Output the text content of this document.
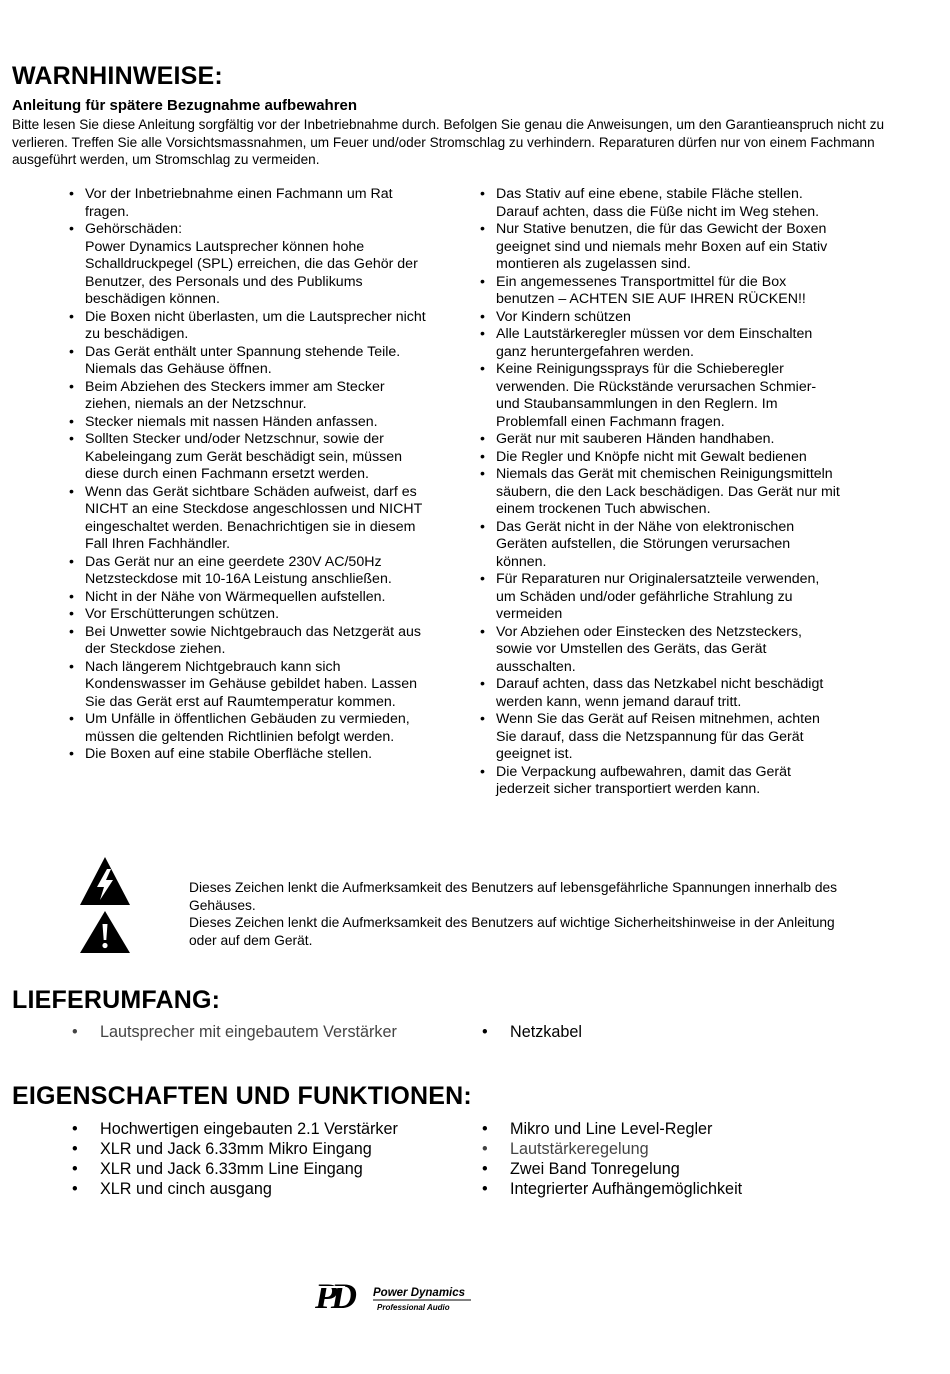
WARNHINWEISE:

Anleitung für spätere Bezugnahme aufbewahren

Bitte lesen Sie diese Anleitung sorgfältig vor der Inbetriebnahme durch. Befolgen Sie genau die Anweisungen, um den Garantieanspruch nicht zu verlieren. Treffen Sie alle Vorsichtsmassnahmen, um Feuer und/oder Stromschlag zu verhindern. Reparaturen dürfen nur von einem Fachmann ausgeführt werden, um Stromschlag zu vermeiden.

• Vor der Inbetriebnahme einen Fachmann um Rat fragen.
• Gehörschäden:
Power Dynamics Lautsprecher können hohe Schalldruckpegel (SPL) erreichen, die das Gehör der Benutzer, des Personals und des Publikums beschädigen können.
• Die Boxen nicht überlasten, um die Lautsprecher nicht zu beschädigen.
• Das Gerät enthält unter Spannung stehende Teile. Niemals das Gehäuse öffnen.
• Beim Abziehen des Steckers immer am Stecker ziehen, niemals an der Netzschnur.
• Stecker niemals mit nassen Händen anfassen.
• Sollten Stecker und/oder Netzschnur, sowie der Kabeleingang zum Gerät beschädigt sein, müssen diese durch einen Fachmann ersetzt werden.
• Wenn das Gerät sichtbare Schäden aufweist, darf es NICHT an eine Steckdose angeschlossen und NICHT eingeschaltet werden. Benachrichtigen sie in diesem Fall Ihren Fachhändler.
• Das Gerät nur an eine geerdete 230V AC/50Hz Netzsteckdose mit 10-16A Leistung anschließen.
• Nicht in der Nähe von Wärmequellen aufstellen.
• Vor Erschütterungen schützen.
• Bei Unwetter sowie Nichtgebrauch das Netzgerät aus der Steckdose ziehen.
• Nach längerem Nichtgebrauch kann sich Kondenswasser im Gehäuse gebildet haben. Lassen Sie das Gerät erst auf Raumtemperatur kommen.
• Um Unfälle in öffentlichen Gebäuden zu vermieden, müssen die geltenden Richtlinien befolgt werden.
• Die Boxen auf eine stabile Oberfläche stellen.
• Das Stativ auf eine ebene, stabile Fläche stellen. Darauf achten, dass die Füße nicht im Weg stehen.
• Nur Stative benutzen, die für das Gewicht der Boxen geeignet sind und niemals mehr Boxen auf ein Stativ montieren als zugelassen sind.
• Ein angemessenes Transportmittel für die Box benutzen – ACHTEN SIE AUF IHREN RÜCKEN!!
• Vor Kindern schützen
• Alle Lautstärkeregler müssen vor dem Einschalten ganz heruntergefahren werden.
• Keine Reinigungssprays für die Schieberegler verwenden. Die Rückstände verursachen Schmier- und Staubansammlungen in den Reglern. Im Problemfall einen Fachmann fragen.
• Gerät nur mit sauberen Händen handhaben.
• Die Regler und Knöpfe nicht mit Gewalt bedienen
• Niemals das Gerät mit chemischen Reinigungsmitteln säubern, die den Lack beschädigen. Das Gerät nur mit einem trockenen Tuch abwischen.
• Das Gerät nicht in der Nähe von elektronischen Geräten aufstellen, die Störungen verursachen können.
• Für Reparaturen nur Originalersatzteile verwenden, um Schäden und/oder gefährliche Strahlung zu vermeiden
• Vor Abziehen oder Einstecken des Netzsteckers, sowie vor Umstellen des Geräts, das Gerät ausschalten.
• Darauf achten, dass das Netzkabel nicht beschädigt werden kann, wenn jemand darauf tritt.
• Wenn Sie das Gerät auf Reisen mitnehmen, achten Sie darauf, dass die Netzspannung für das Gerät geeignet ist.
• Die Verpackung aufbewahren, damit das Gerät jederzeit sicher transportiert werden kann.
Dieses Zeichen lenkt die Aufmerksamkeit des Benutzers auf lebensgefährliche Spannungen innerhalb des Gehäuses.
Dieses Zeichen lenkt die Aufmerksamkeit des Benutzers auf wichtige Sicherheitshinweise in der Anleitung oder auf dem Gerät.
LIEFERUMFANG:
• Lautsprecher mit eingebautem Verstärker
•	Netzkabel
EIGENSCHAFTEN UND FUNKTIONEN:
• Hochwertigen eingebauten 2.1 Verstärker
• XLR und Jack 6.33mm Mikro Eingang
• XLR und Jack 6.33mm Line Eingang
• XLR und cinch ausgang
• Mikro und Line Level-Regler
• Lautstärkeregelung
• Zwei Band Tonregelung
• Integrierter Aufhängemöglichkeit
PD	Power Dynamics
Professional Audio
